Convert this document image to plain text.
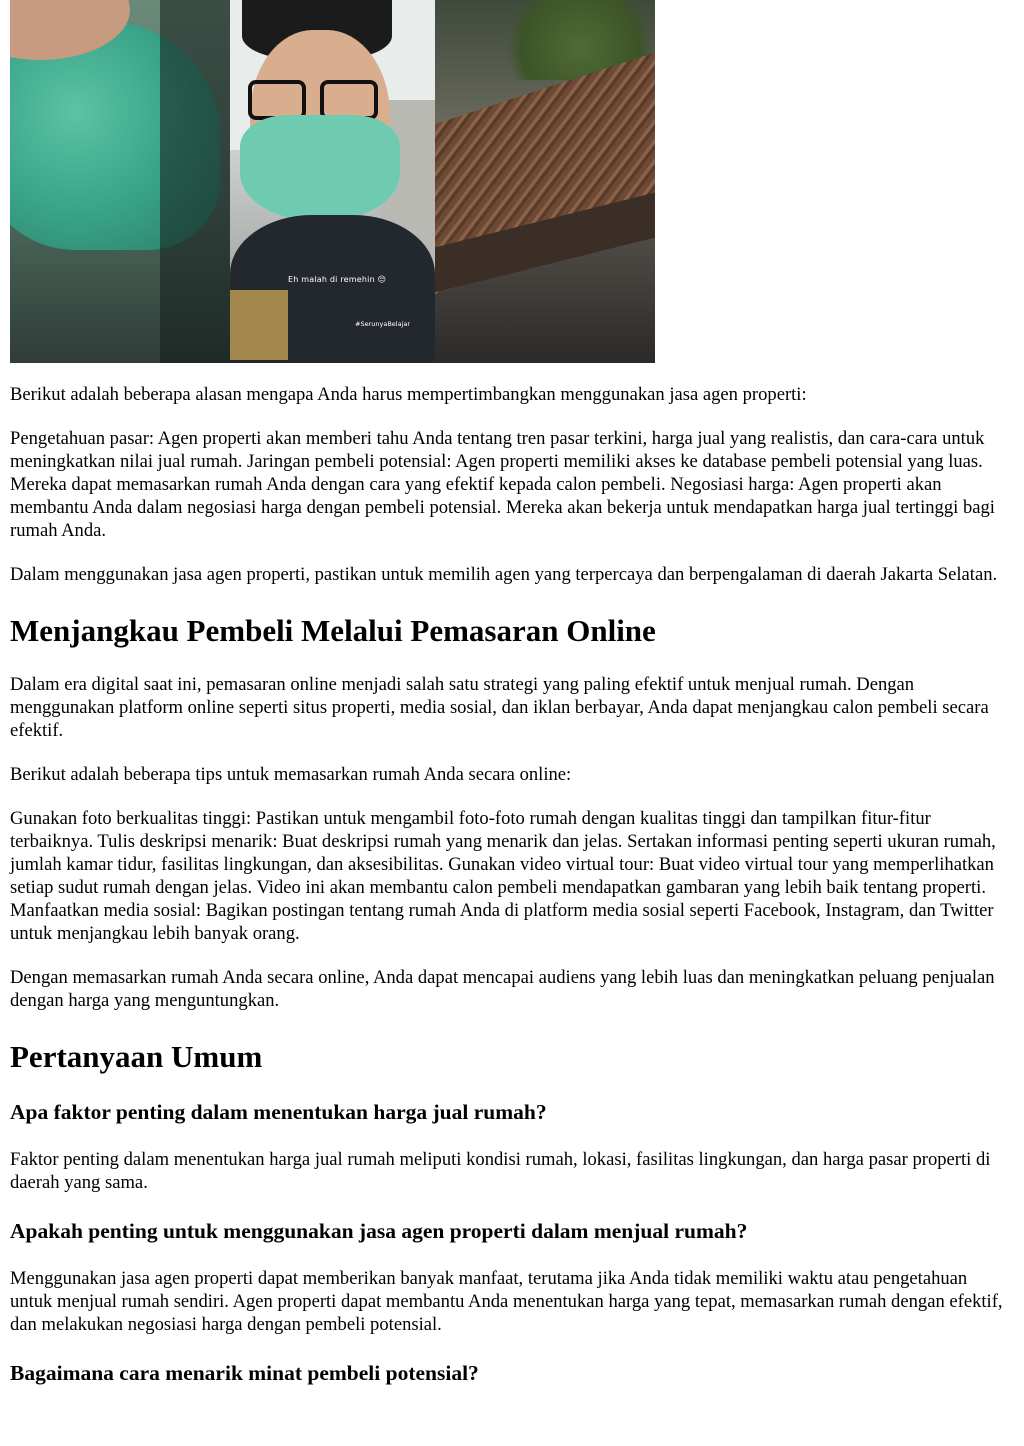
Eh malah di remehin 😔
#SerunyaBelajar

Berikut adalah beberapa alasan mengapa Anda harus mempertimbangkan menggunakan jasa agen properti:

Pengetahuan pasar: Agen properti akan memberi tahu Anda tentang tren pasar terkini, harga jual yang realistis, dan cara-cara untuk meningkatkan nilai jual rumah. Jaringan pembeli potensial: Agen properti memiliki akses ke database pembeli potensial yang luas. Mereka dapat memasarkan rumah Anda dengan cara yang efektif kepada calon pembeli. Negosiasi harga: Agen properti akan membantu Anda dalam negosiasi harga dengan pembeli potensial. Mereka akan bekerja untuk mendapatkan harga jual tertinggi bagi rumah Anda.

Dalam menggunakan jasa agen properti, pastikan untuk memilih agen yang terpercaya dan berpengalaman di daerah Jakarta Selatan.

Menjangkau Pembeli Melalui Pemasaran Online

Dalam era digital saat ini, pemasaran online menjadi salah satu strategi yang paling efektif untuk menjual rumah. Dengan menggunakan platform online seperti situs properti, media sosial, dan iklan berbayar, Anda dapat menjangkau calon pembeli secara efektif.

Berikut adalah beberapa tips untuk memasarkan rumah Anda secara online:

Gunakan foto berkualitas tinggi: Pastikan untuk mengambil foto-foto rumah dengan kualitas tinggi dan tampilkan fitur-fitur terbaiknya. Tulis deskripsi menarik: Buat deskripsi rumah yang menarik dan jelas. Sertakan informasi penting seperti ukuran rumah, jumlah kamar tidur, fasilitas lingkungan, dan aksesibilitas. Gunakan video virtual tour: Buat video virtual tour yang memperlihatkan setiap sudut rumah dengan jelas. Video ini akan membantu calon pembeli mendapatkan gambaran yang lebih baik tentang properti. Manfaatkan media sosial: Bagikan postingan tentang rumah Anda di platform media sosial seperti Facebook, Instagram, dan Twitter untuk menjangkau lebih banyak orang.

Dengan memasarkan rumah Anda secara online, Anda dapat mencapai audiens yang lebih luas dan meningkatkan peluang penjualan dengan harga yang menguntungkan.

Pertanyaan Umum
Apa faktor penting dalam menentukan harga jual rumah?

Faktor penting dalam menentukan harga jual rumah meliputi kondisi rumah, lokasi, fasilitas lingkungan, dan harga pasar properti di daerah yang sama.

Apakah penting untuk menggunakan jasa agen properti dalam menjual rumah?

Menggunakan jasa agen properti dapat memberikan banyak manfaat, terutama jika Anda tidak memiliki waktu atau pengetahuan untuk menjual rumah sendiri. Agen properti dapat membantu Anda menentukan harga yang tepat, memasarkan rumah dengan efektif, dan melakukan negosiasi harga dengan pembeli potensial.

Bagaimana cara menarik minat pembeli potensial?
